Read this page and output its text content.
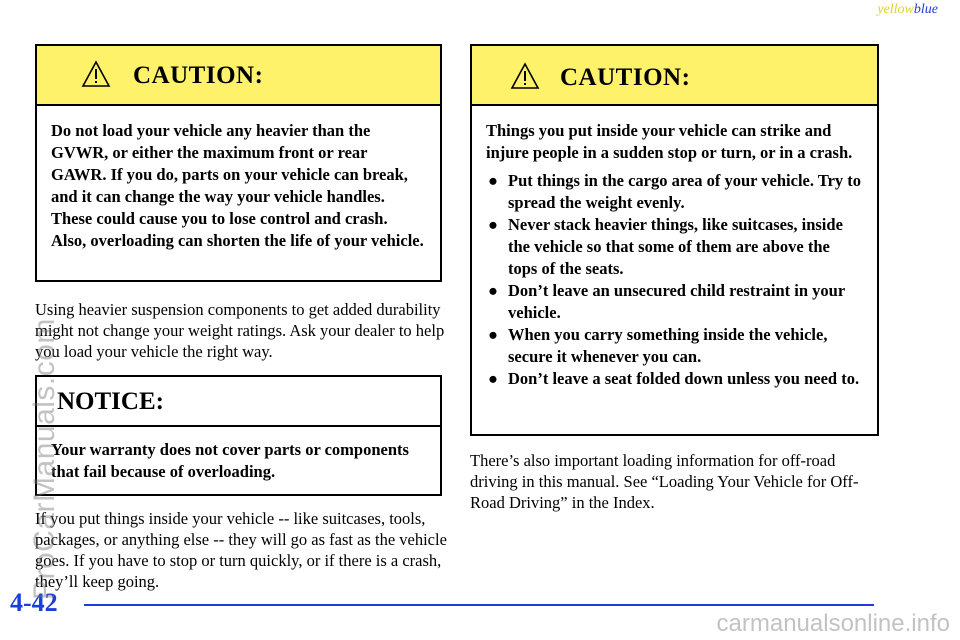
yellowblue
CAUTION:
Do not load your vehicle any heavier than the GVWR, or either the maximum front or rear GAWR. If you do, parts on your vehicle can break, and it can change the way your vehicle handles. These could cause you to lose control and crash. Also, overloading can shorten the life of your vehicle.
Using heavier suspension components to get added durability might not change your weight ratings. Ask your dealer to help you load your vehicle the right way.
NOTICE:
Your warranty does not cover parts or components that fail because of overloading.
If you put things inside your vehicle -- like suitcases, tools, packages, or anything else -- they will go as fast as the vehicle goes. If you have to stop or turn quickly, or if there is a crash, they’ll keep going.
CAUTION:
Things you put inside your vehicle can strike and injure people in a sudden stop or turn, or in a crash.
● Put things in the cargo area of your vehicle. Try to spread the weight evenly.
● Never stack heavier things, like suitcases, inside the vehicle so that some of them are above the tops of the seats.
● Don’t leave an unsecured child restraint in your vehicle.
● When you carry something inside the vehicle, secure it whenever you can.
● Don’t leave a seat folded down unless you need to.
There’s also important loading information for off-road driving in this manual. See “Loading Your Vehicle for Off-Road Driving” in the Index.
4-42
ProCarManuals.com
carmanualsonline.info
